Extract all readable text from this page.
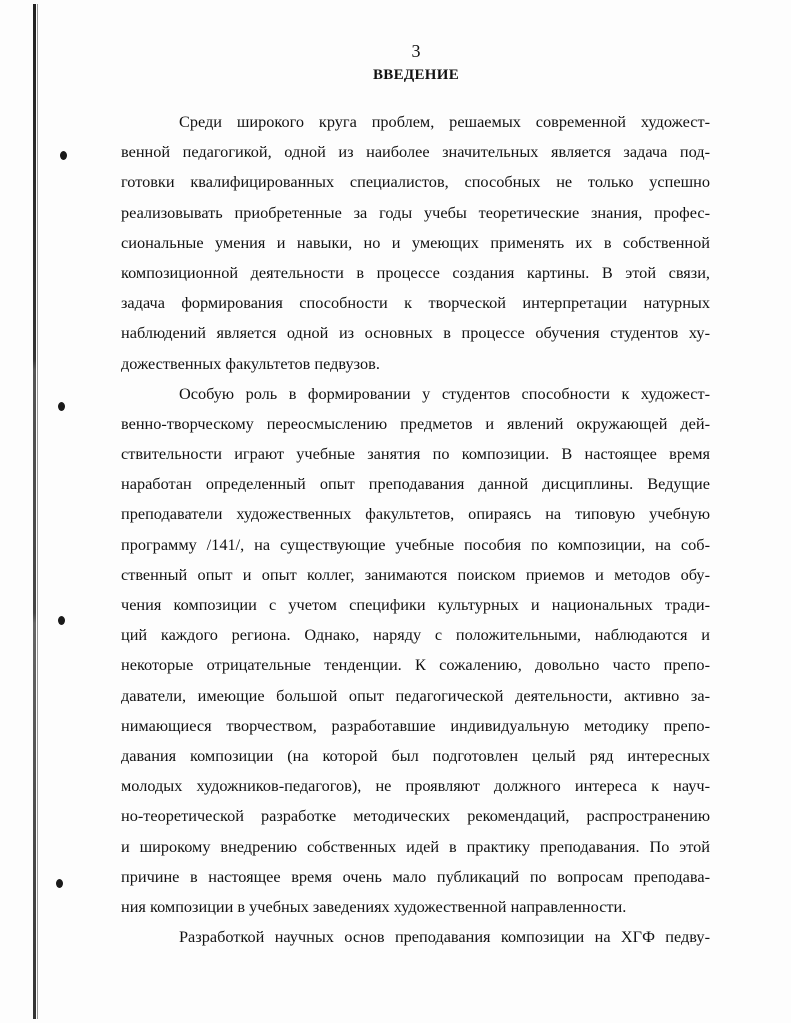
3
ВВЕДЕНИЕ
Среди широкого круга проблем, решаемых современной художест-
венной педагогикой, одной из наиболее значительных является задача под-
готовки квалифицированных специалистов, способных не только успешно
реализовывать приобретенные за годы учебы теоретические знания, профес-
сиональные умения и навыки, но и умеющих применять их в собственной
композиционной деятельности в процессе создания картины. В этой связи,
задача формирования способности к творческой интерпретации натурных
наблюдений является одной из основных в процессе обучения студентов ху-
дожественных факультетов педвузов.
Особую роль в формировании у студентов способности к художест-
венно-творческому переосмыслению предметов и явлений окружающей дей-
ствительности играют учебные занятия по композиции. В настоящее время
наработан определенный опыт преподавания данной дисциплины. Ведущие
преподаватели художественных факультетов, опираясь на типовую учебную
программу /141/, на существующие учебные пособия по композиции, на соб-
ственный опыт и опыт коллег, занимаются поиском приемов и методов обу-
чения композиции с учетом специфики культурных и национальных тради-
ций каждого региона. Однако, наряду с положительными, наблюдаются и
некоторые отрицательные тенденции. К сожалению, довольно часто препо-
даватели, имеющие большой опыт педагогической деятельности, активно за-
нимающиеся творчеством, разработавшие индивидуальную методику препо-
давания композиции (на которой был подготовлен целый ряд интересных
молодых художников-педагогов), не проявляют должного интереса к науч-
но-теоретической разработке методических рекомендаций, распространению
и широкому внедрению собственных идей в практику преподавания. По этой
причине в настоящее время очень мало публикаций по вопросам преподава-
ния композиции в учебных заведениях художественной направленности.
Разработкой научных основ преподавания композиции на ХГФ педву-
